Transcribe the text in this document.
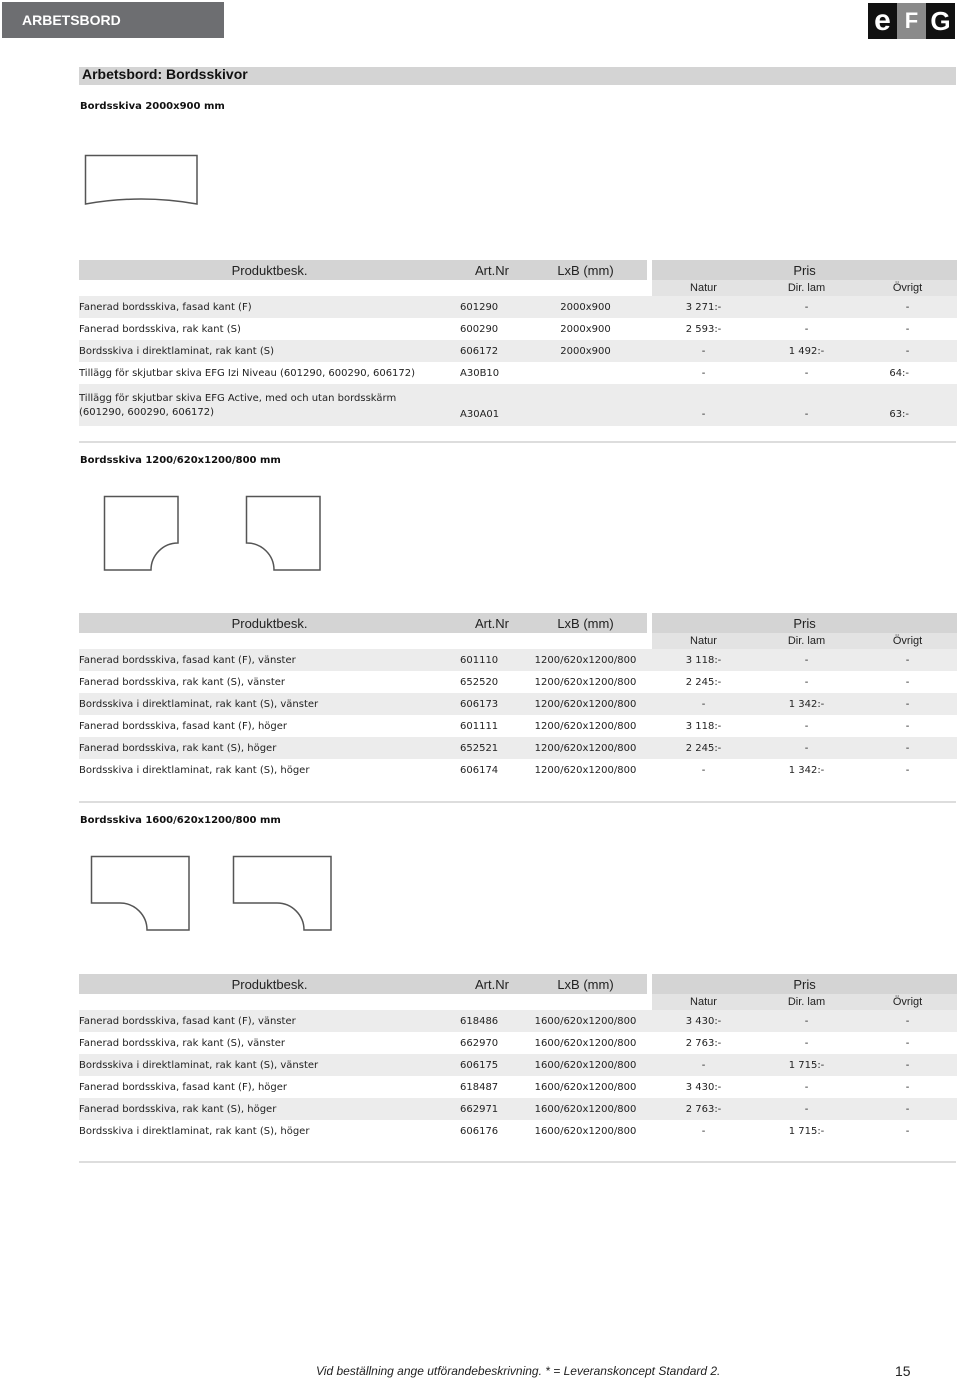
ARBETSBORD	e F G
Arbetsbord: Bordsskivor
Bordsskiva 2000x900 mm
Produktbesk.	Art.Nr	LxB (mm)		Pris		
				Natur	Dir. lam	Övrigt
Fanerad bordsskiva, fasad kant (F)	601290	2000x900		3 271:-	-	-
Fanerad bordsskiva, rak kant (S)	600290	2000x900		2 593:-	-	-
Bordsskiva i direktlaminat, rak kant (S)	606172	2000x900		-	1 492:-	-
Tillägg för skjutbar skiva EFG Izi Niveau (601290, 600290, 606172)	A30B10			-	-	64:-

Tillägg för skjutbar skiva EFG Active, med och utan bordsskärm
(601290, 600290, 606172)	A30A01			-	-	63:-
Bordsskiva 1200/620x1200/800 mm
Produktbesk.	Art.Nr	LxB (mm)		Pris		
				Natur	Dir. lam	Övrigt
Fanerad bordsskiva, fasad kant (F), vänster	601110	1200/620x1200/800		3 118:-	-	-
Fanerad bordsskiva, rak kant (S), vänster	652520	1200/620x1200/800		2 245:-	-	-
Bordsskiva i direktlaminat, rak kant (S), vänster	606173	1200/620x1200/800		-	1 342:-	-
Fanerad bordsskiva, fasad kant (F), höger	601111	1200/620x1200/800		3 118:-	-	-
Fanerad bordsskiva, rak kant (S), höger	652521	1200/620x1200/800		2 245:-	-	-
Bordsskiva i direktlaminat, rak kant (S), höger	606174	1200/620x1200/800		-	1 342:-	-
Bordsskiva 1600/620x1200/800 mm
Produktbesk.	Art.Nr	LxB (mm)		Pris		
				Natur	Dir. lam	Övrigt
Fanerad bordsskiva, fasad kant (F), vänster	618486	1600/620x1200/800		3 430:-	-	-
Fanerad bordsskiva, rak kant (S), vänster	662970	1600/620x1200/800		2 763:-	-	-
Bordsskiva i direktlaminat, rak kant (S), vänster	606175	1600/620x1200/800		-	1 715:-	-
Fanerad bordsskiva, fasad kant (F), höger	618487	1600/620x1200/800		3 430:-	-	-
Fanerad bordsskiva, rak kant (S), höger	662971	1600/620x1200/800		2 763:-	-	-
Bordsskiva i direktlaminat, rak kant (S), höger	606176	1600/620x1200/800		-	1 715:-	-
Vid beställning ange utförandebeskrivning. * = Leveranskoncept Standard 2.	15
